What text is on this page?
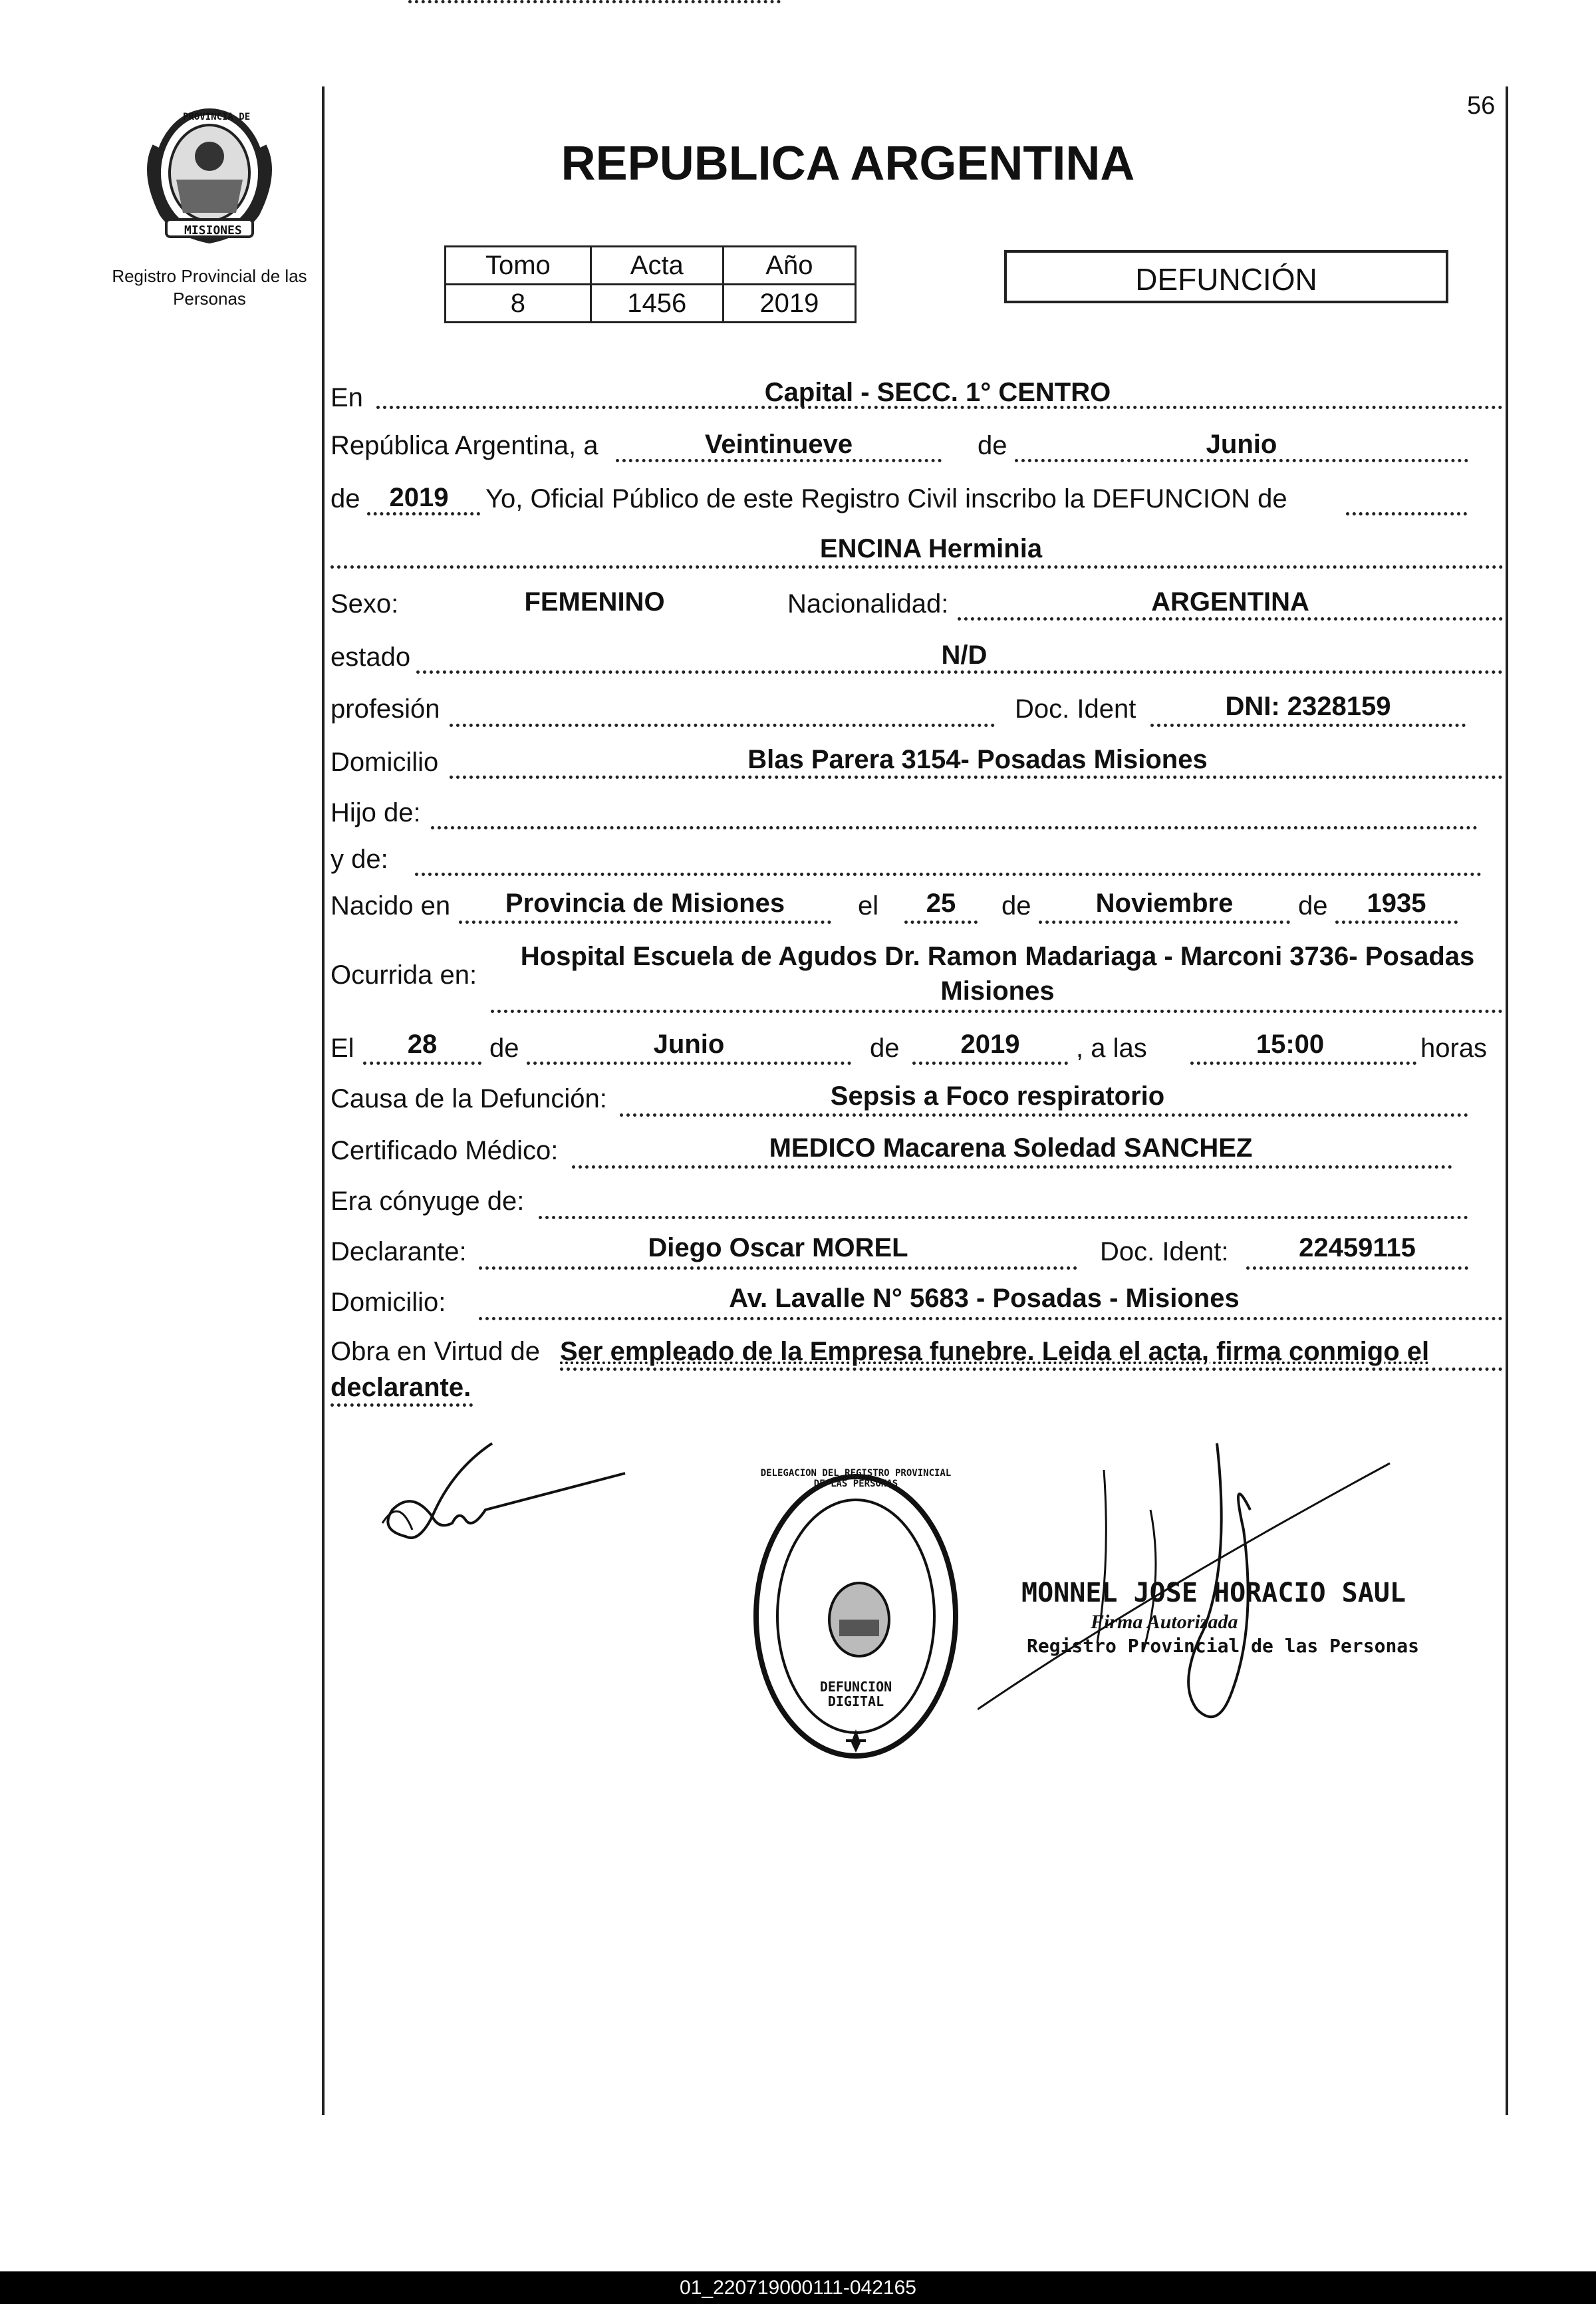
56
PROVINCIA DE
MISIONES
Registro Provincial de las Personas
REPUBLICA ARGENTINA
Tomo	Acta	Año
8	1456	2019
DEFUNCIÓN
En	Capital - SECC. 1° CENTRO
República Argentina, a	Veintinueve	de	Junio
de	2019	Yo, Oficial Público de este Registro Civil inscribo la DEFUNCION de
ENCINA Herminia
Sexo:	FEMENINO	Nacionalidad:	ARGENTINA
estado	N/D
profesión	Doc. Ident	DNI: 2328159
Domicilio	Blas Parera 3154- Posadas Misiones
Hijo de:
y de:
Nacido en	Provincia de Misiones	el	25	de	Noviembre	de	1935
Ocurrida en:
Hospital Escuela de Agudos Dr. Ramon Madariaga - Marconi 3736- Posadas
Misiones
El	28	de	Junio	de	2019	, a las	15:00	horas
Causa de la Defunción:	Sepsis a Foco respiratorio
Certificado Médico:	MEDICO Macarena Soledad SANCHEZ
Era cónyuge de:
Declarante:	Diego Oscar MOREL	Doc. Ident:	22459115
Domicilio:	Av. Lavalle N° 5683 - Posadas - Misiones
Obra en Virtud de Ser empleado de la Empresa funebre. Leida el acta, firma conmigo el
declarante.
DELEGACION DEL REGISTRO PROVINCIAL DE LAS PERSONAS
DEFUNCION DIGITAL
MONNEL JOSE HORACIO SAUL
Firma Autorizada
Registro Provincial de las Personas
01_220719000111-042165
